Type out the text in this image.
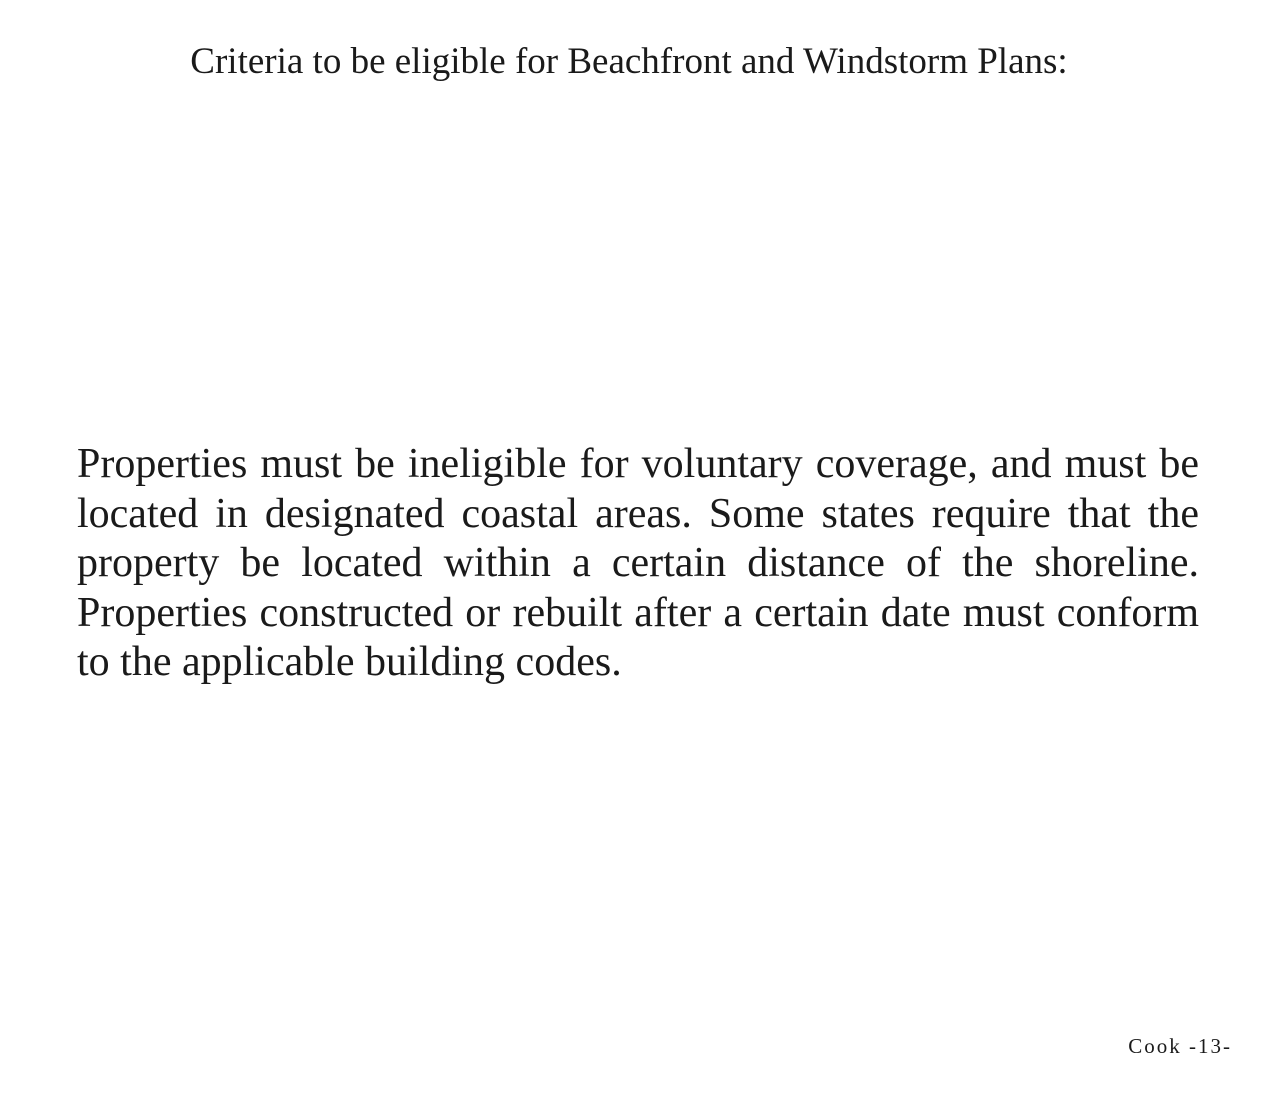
Criteria to be eligible for Beachfront and Windstorm Plans:

Properties must be ineligible for voluntary coverage, and must be located in designated coastal areas. Some states require that the property be located within a certain distance of the shoreline. Properties constructed or rebuilt after a certain date must conform to the applicable building codes.

Cook -13-
